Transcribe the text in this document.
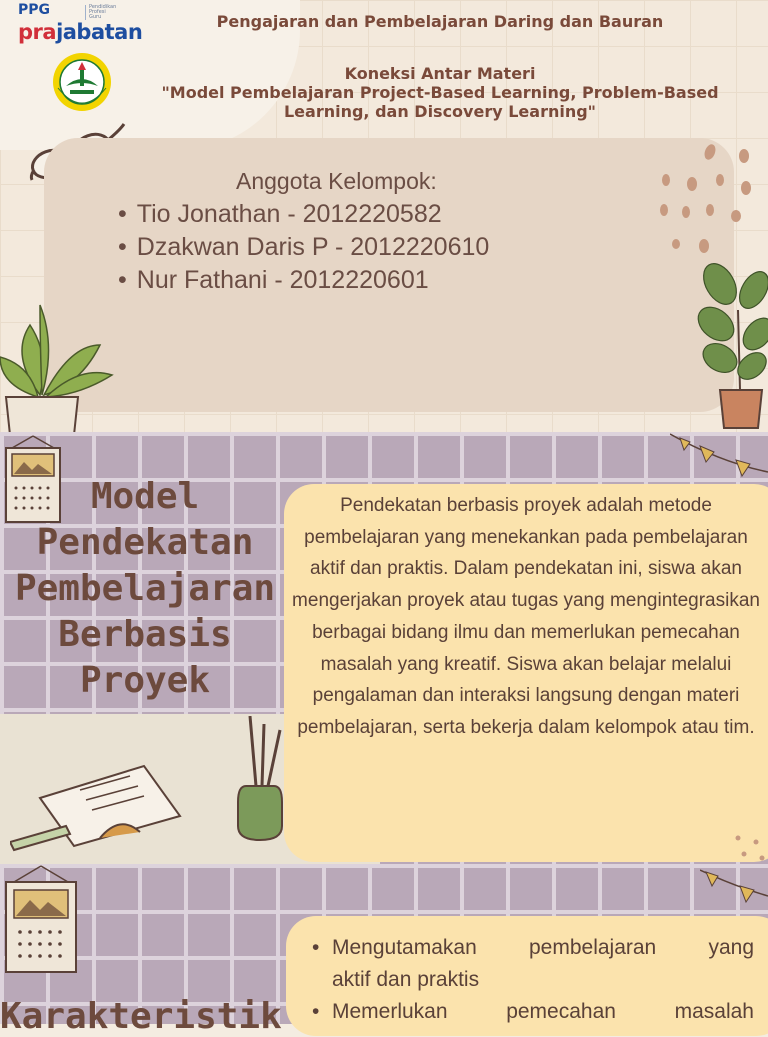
PPG	Pendidikan
Profesi
Guru
prajabatan	Pengajaran dan Pembelajaran Daring dan Bauran
Koneksi Antar Materi
"Model Pembelajaran Project-Based Learning, Problem-Based Learning, dan Discovery Learning"
Anggota Kelompok:
• Tio Jonathan - 2012220582
• Dzakwan Daris P - 2012220610
• Nur Fathani - 2012220601
Model
Pendekatan
Pembelajaran
Berbasis
Proyek
Pendekatan berbasis proyek adalah metode pembelajaran yang menekankan pada pembelajaran aktif dan praktis. Dalam pendekatan ini, siswa akan mengerjakan proyek atau tugas yang mengintegrasikan berbagai bidang ilmu dan memerlukan pemecahan masalah yang kreatif. Siswa akan belajar melalui pengalaman dan interaksi langsung dengan materi pembelajaran, serta bekerja dalam kelompok atau tim.
• Mengutamakan pembelajaran yang
aktif dan praktis
• Memerlukan pemecahan masalah
Karakteristik
